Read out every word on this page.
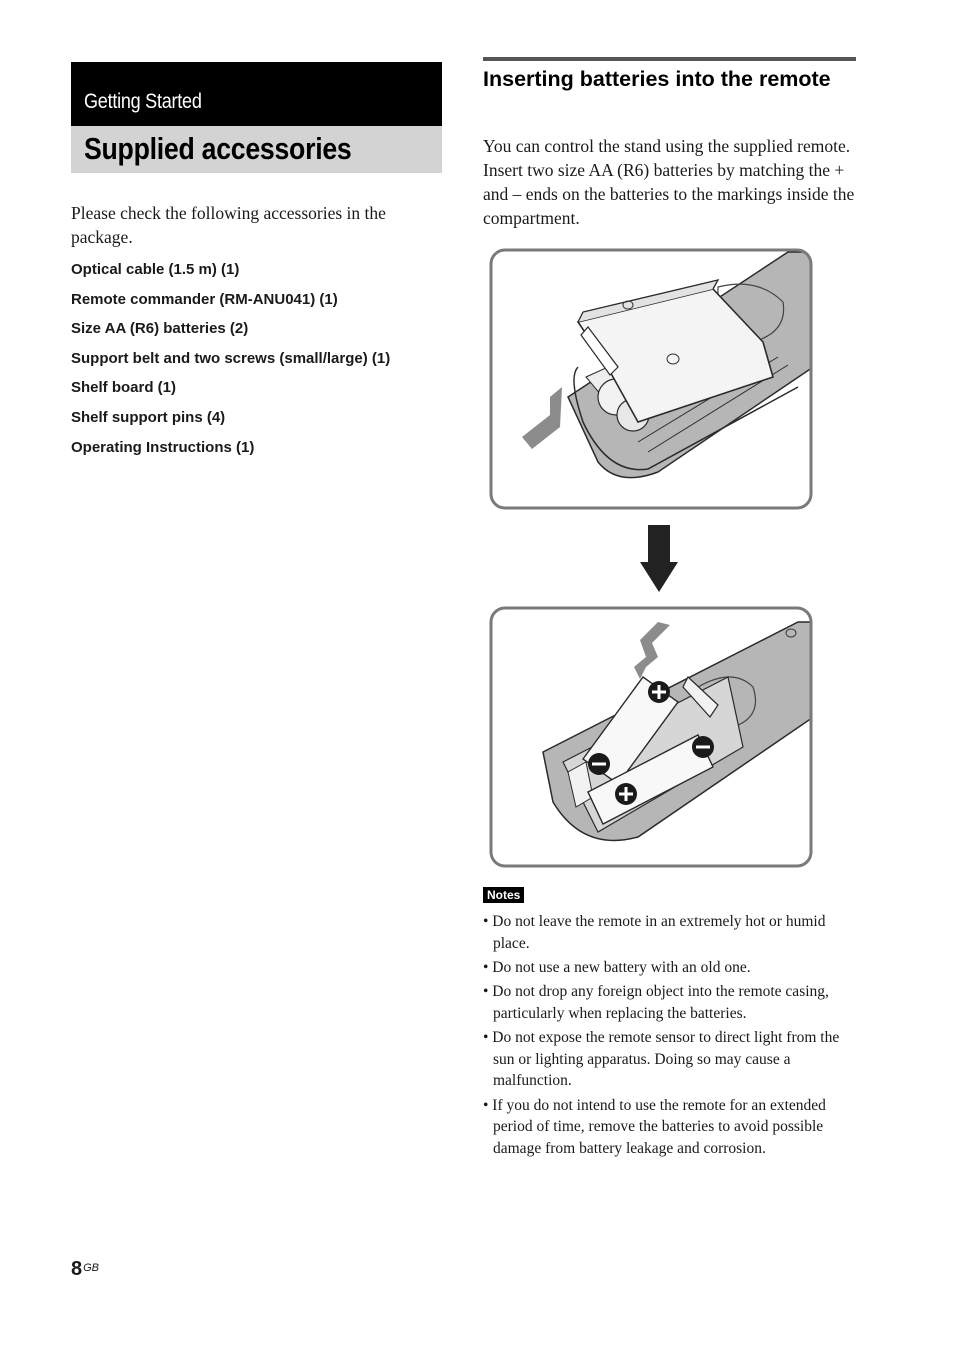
Getting Started
Supplied accessories

Please check the following accessories in the package.

Optical cable (1.5 m) (1)
Remote commander (RM-ANU041) (1)
Size AA (R6) batteries (2)
Support belt and two screws (small/large) (1)
Shelf board (1)
Shelf support pins (4)
Operating Instructions (1)
Inserting batteries into the remote

You can control the stand using the supplied remote. Insert two size AA (R6) batteries by matching the + and – ends on the batteries to the markings inside the compartment.

Notes
• Do not leave the remote in an extremely hot or humid place.
• Do not use a new battery with an old one.
• Do not drop any foreign object into the remote casing, particularly when replacing the batteries.
• Do not expose the remote sensor to direct light from the sun or lighting apparatus. Doing so may cause a malfunction.
• If you do not intend to use the remote for an extended period of time, remove the batteries to avoid possible damage from battery leakage and corrosion.
$8^{GB}$
